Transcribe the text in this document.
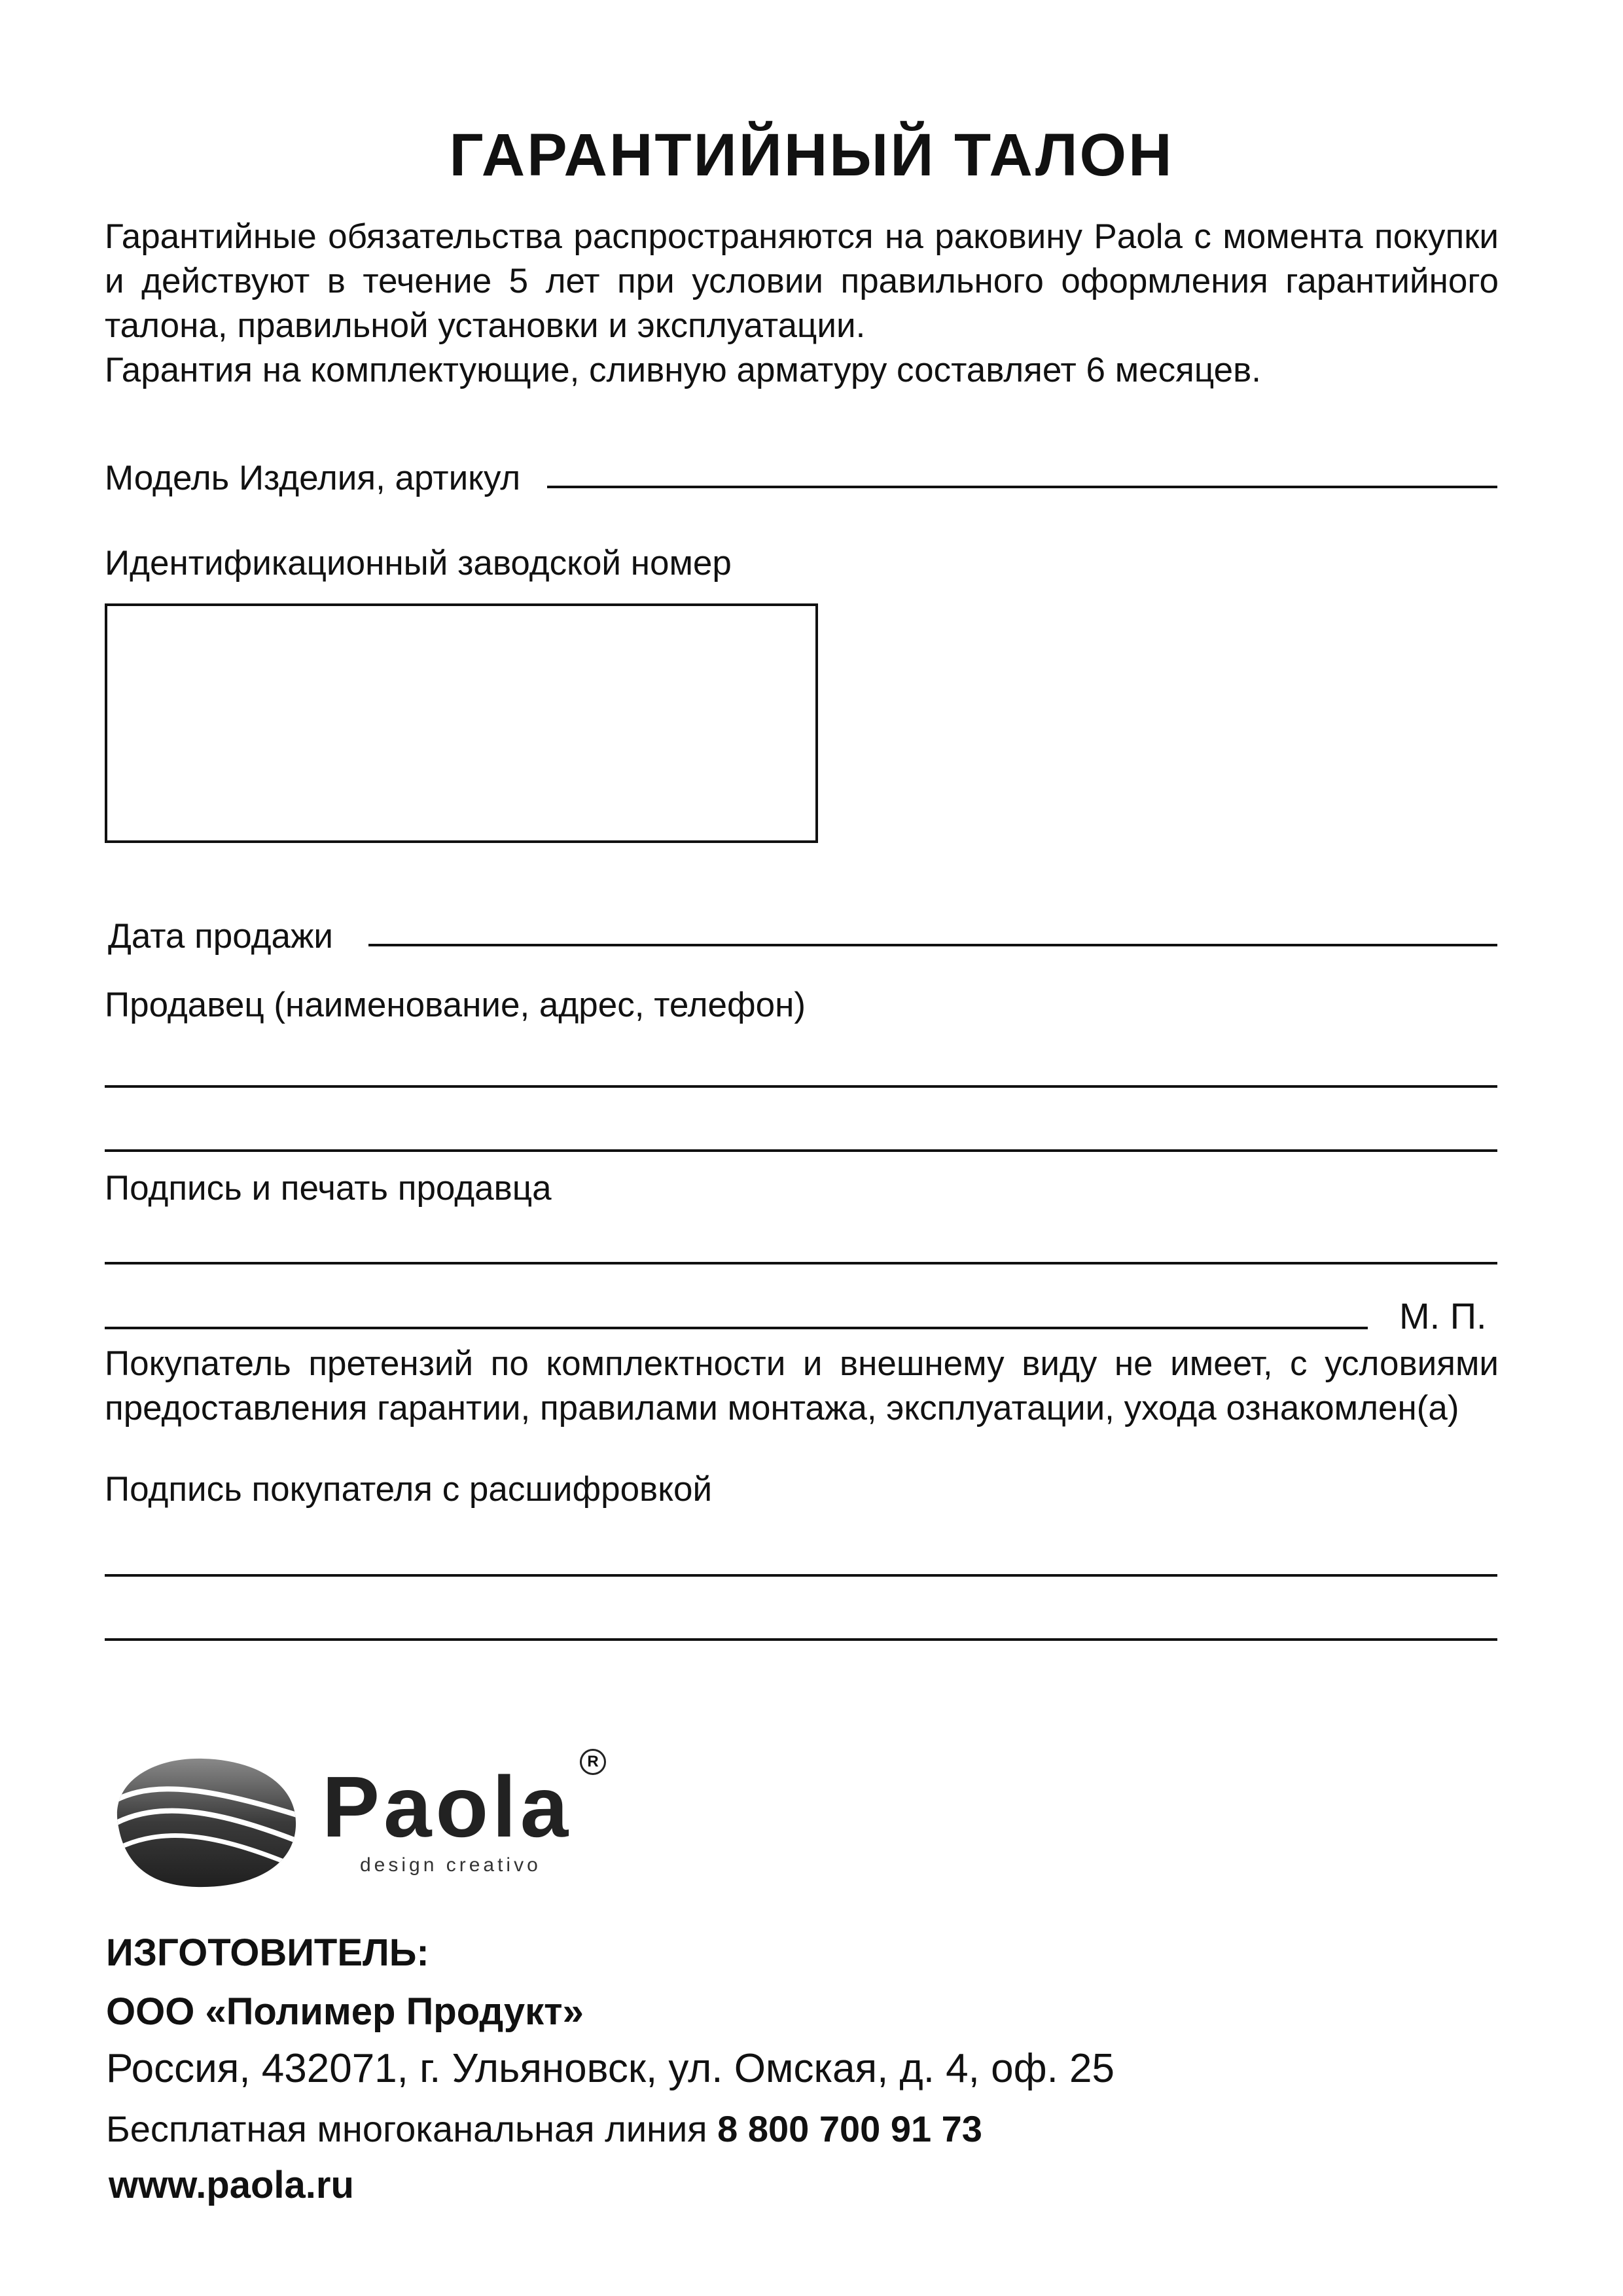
ГАРАНТИЙНЫЙ ТАЛОН

Гарантийные обязательства распространяются на раковину Paola с момента покупки и действуют в течение 5 лет при условии правильного оформления гарантийного талона, правильной установки и эксплуатации.

Гарантия на комплектующие, сливную арматуру составляет 6 месяцев.

Модель Изделия, артикул
Идентификационный заводской номер
Дата продажи
Продавец (наименование, адрес, телефон)
Подпись и печать продавца
М. П.

Покупатель претензий по комплектности и внешнему виду не имеет, с условиями предоставления гарантии, правилами монтажа, эксплуатации, ухода ознакомлен(а)

Подпись покупателя с расшифровкой
Paola
design creativo
R
ИЗГОТОВИТЕЛЬ:
ООО «Полимер Продукт»
Россия, 432071, г. Ульяновск, ул. Омская, д. 4, оф. 25
Бесплатная многоканальная линия 8 800 700 91 73
www.paola.ru
